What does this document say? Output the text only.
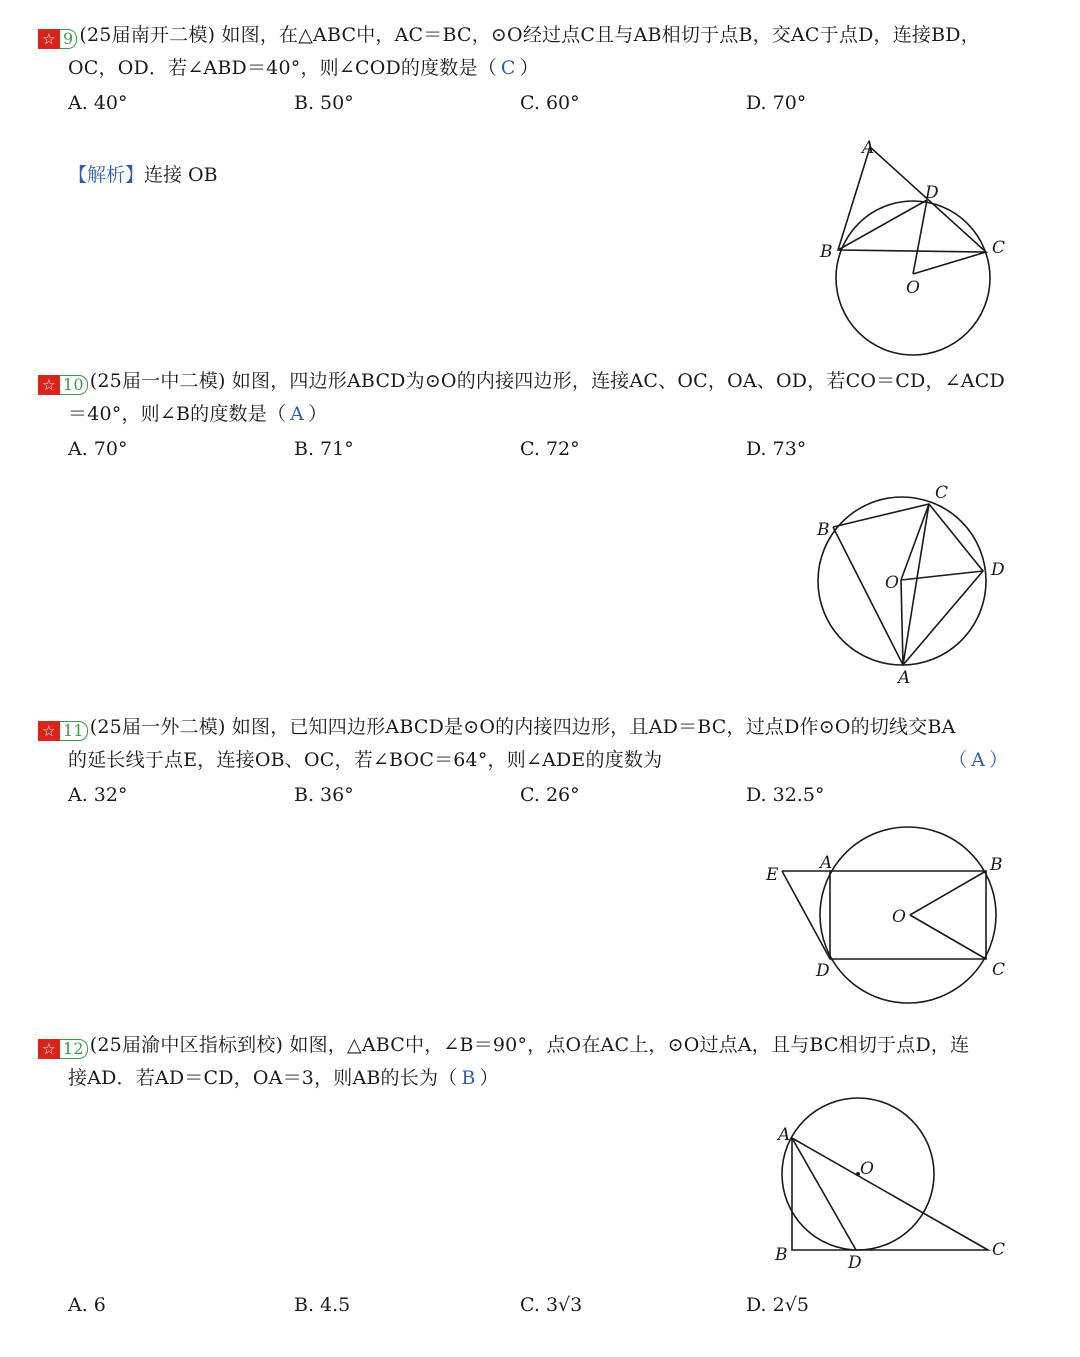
☆ 9 (25届南开二模) 如图，在△ABC中，AC＝BC，⊙O经过点C且与AB相切于点B，交AC于点D，连接BD，
OC，OD．若∠ABD＝40°，则∠COD的度数是（ C ）
A. 40°	B. 50°	C. 60°	D. 70°
【解析】连接 OB
A
D
B	C
O
☆ 10 (25届一中二模) 如图，四边形ABCD为⊙O的内接四边形，连接AC、OC，OA、OD，若CO＝CD，∠ACD
＝40°，则∠B的度数是（ A ）
A. 70°	B. 71°	C. 72°	D. 73°
C
B
O
D
A
☆ 11 (25届一外二模) 如图，已知四边形ABCD是⊙O的内接四边形，且AD＝BC，过点D作⊙O的切线交BA
的延长线于点E，连接OB、OC，若∠BOC＝64°，则∠ADE的度数为	（ A ）
A. 32°	B. 36°	C. 26°	D. 32.5°
E
A	B
O
D	C
☆ 12 (25届渝中区指标到校) 如图，△ABC中，∠B＝90°，点O在AC上，⊙O过点A，且与BC相切于点D，连
接AD．若AD＝CD，OA＝3，则AB的长为（ B ）
A
O
B	D
C
A. 6	B. 4.5	C. 3√3	D. 2√5
